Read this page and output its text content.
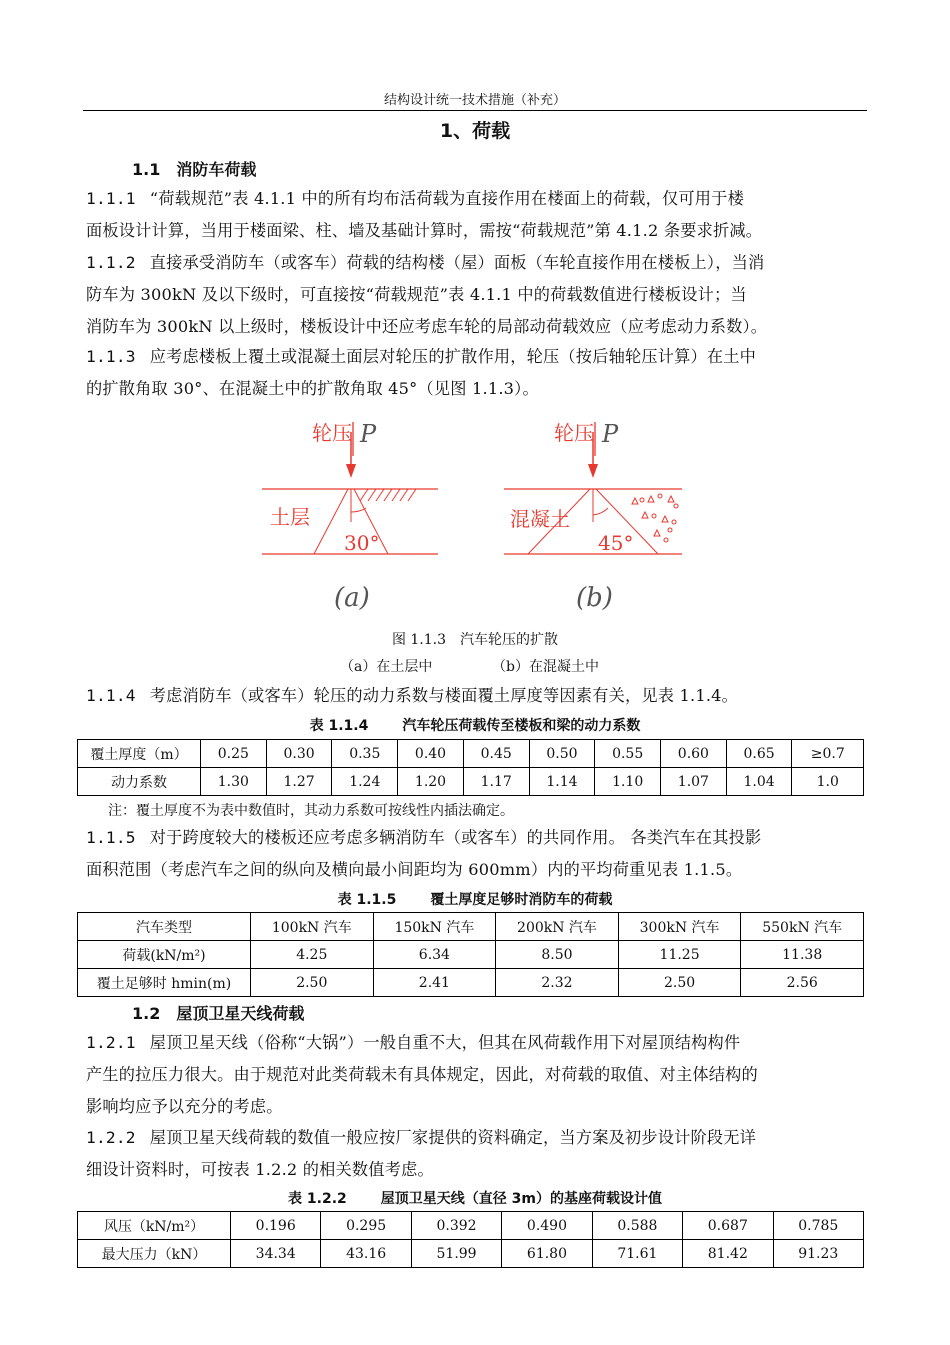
结构设计统一技术措施（补充）
1、荷载
1.1　消防车荷载
1.1.1 “荷载规范”表 4.1.1 中的所有均布活荷载为直接作用在楼面上的荷载，仅可用于楼
面板设计计算，当用于楼面梁、柱、墙及基础计算时，需按“荷载规范”第 4.1.2 条要求折减。
1.1.2 直接承受消防车（或客车）荷载的结构楼（屋）面板（车轮直接作用在楼板上），当消
防车为 300kN 及以下级时，可直接按“荷载规范”表 4.1.1 中的荷载数值进行楼板设计；当
消防车为 300kN 以上级时，楼板设计中还应考虑车轮的局部动荷载效应（应考虑动力系数）。
1.1.3 应考虑楼板上覆土或混凝土面层对轮压的扩散作用，轮压（按后轴轮压计算）在土中
的扩散角取 30°、在混凝土中的扩散角取 45°（见图 1.1.3）。
轮压 P
土层
30°
(a)
轮压 P
混凝土
45°
(b)
图 1.1.3　汽车轮压的扩散
（a）在土层中	（b）在混凝土中
1.1.4 考虑消防车（或客车）轮压的动力系数与楼面覆土厚度等因素有关，见表 1.1.4。
表 1.1.4 汽车轮压荷载传至楼板和梁的动力系数
覆土厚度（m）	0.25	0.30	0.35	0.40	0.45	0.50	0.55	0.60	0.65	≥0.7
动力系数	1.30	1.27	1.24	1.20	1.17	1.14	1.10	1.07	1.04	1.0
注：覆土厚度不为表中数值时，其动力系数可按线性内插法确定。
1.1.5 对于跨度较大的楼板还应考虑多辆消防车（或客车）的共同作用。 各类汽车在其投影
面积范围（考虑汽车之间的纵向及横向最小间距均为 600mm）内的平均荷重见表 1.1.5。
表 1.1.5 覆土厚度足够时消防车的荷载
汽车类型	100kN 汽车	150kN 汽车	200kN 汽车	300kN 汽车	550kN 汽车
荷载(kN/m²)	4.25	6.34	8.50	11.25	11.38
覆土足够时 hmin(m)	2.50	2.41	2.32	2.50	2.56
1.2　屋顶卫星天线荷载
1.2.1 屋顶卫星天线（俗称“大锅”）一般自重不大，但其在风荷载作用下对屋顶结构构件
产生的拉压力很大。由于规范对此类荷载未有具体规定，因此，对荷载的取值、对主体结构的
影响均应予以充分的考虑。
1.2.2 屋顶卫星天线荷载的数值一般应按厂家提供的资料确定，当方案及初步设计阶段无详
细设计资料时，可按表 1.2.2 的相关数值考虑。
表 1.2.2 屋顶卫星天线（直径 3m）的基座荷载设计值
风压（kN/m²）	0.196	0.295	0.392	0.490	0.588	0.687	0.785
最大压力（kN）	34.34	43.16	51.99	61.80	71.61	81.42	91.23
